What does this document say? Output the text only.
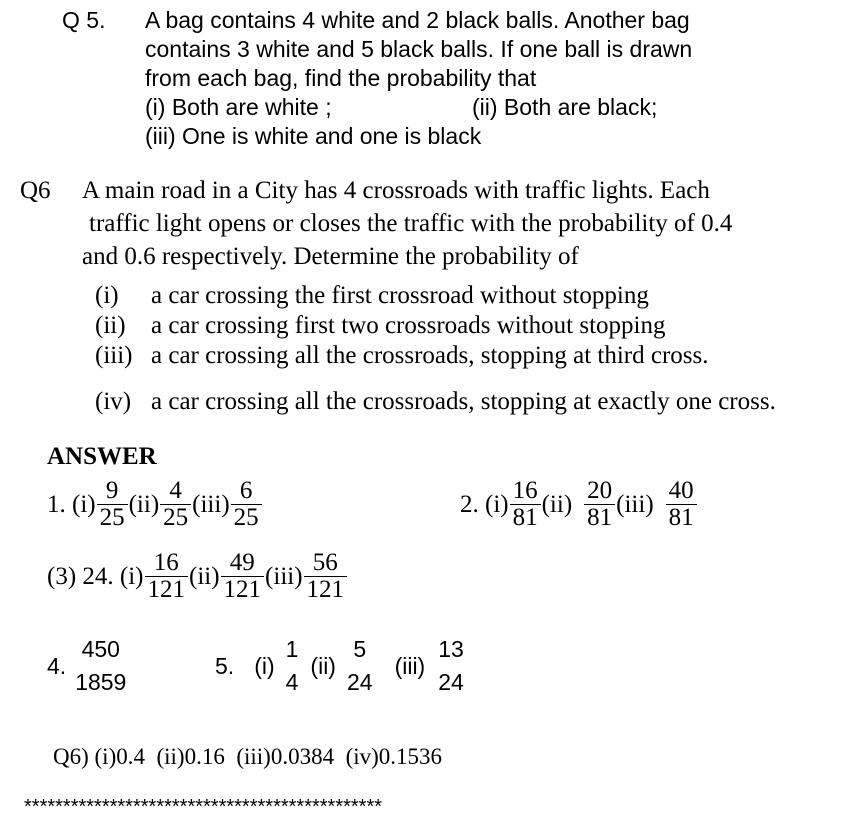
Q 5. A bag contains 4 white and 2 black balls. Another bag
contains 3 white and 5 black balls. If one ball is drawn
from each bag, find the probability that
(i) Both are white ;	(ii) Both are black;
(iii) One is white and one is black
Q6 A main road in a City has 4 crossroads with traffic lights. Each
traffic light opens or closes the traffic with the probability of 0.4
and 0.6 respectively. Determine the probability of
(i) a car crossing the first crossroad without stopping
(ii) a car crossing first two crossroads without stopping
(iii) a car crossing all the crossroads, stopping at third cross.
(iv) a car crossing all the crossroads, stopping at exactly one cross.
ANSWER
1. $(i) \frac{9}{25} (ii) \frac{4}{25} (iii) \frac{6}{25}$	2. $(i) \frac{16}{81} (ii) \frac{20}{81} (iii) \frac{40}{81}$
(3) 24. $(i) \frac{16}{121} (ii) \frac{49}{121} (iii) \frac{56}{121}$
4.
450
1859
5. (i)
1
4
(ii)
5
24
(iii)
13
24
Q6) (i)0.4  (ii)0.16  (iii)0.0384  (iv)0.1536
**********************************************
